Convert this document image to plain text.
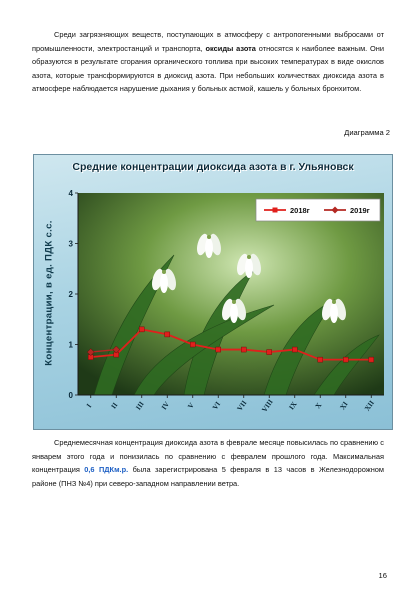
Среди загрязняющих веществ, поступающих в атмосферу с антропогенными выбросами от промышленности, электростанций и транспорта, оксиды азота относятся к наиболее важным. Они образуются в результате сгорания органического топлива при высоких температурах в виде окислов азота, которые трансформируются в диоксид азота. При небольших количествах диоксида азота в атмосфере наблюдается нарушение дыхания у больных астмой, кашель у больных бронхитом.

Диаграмма 2
Средние концентрации диоксида азота в г. Ульяновск
Концентрации, в ед. ПДК с.с.
0
1
2
3
4
I II III IV V VI VII VIII IX X XI XII
2018г	2019г

Среднемесячная концентрация диоксида азота в феврале месяце повысилась по сравнению с январем этого года и понизилась по сравнению с февралем прошлого года. Максимальная концентрация 0,6 ПДКм.р. была зарегистрирована 5 февраля в 13 часов в Железнодорожном районе (ПНЗ №4) при северо-западном направлении ветра.

16
